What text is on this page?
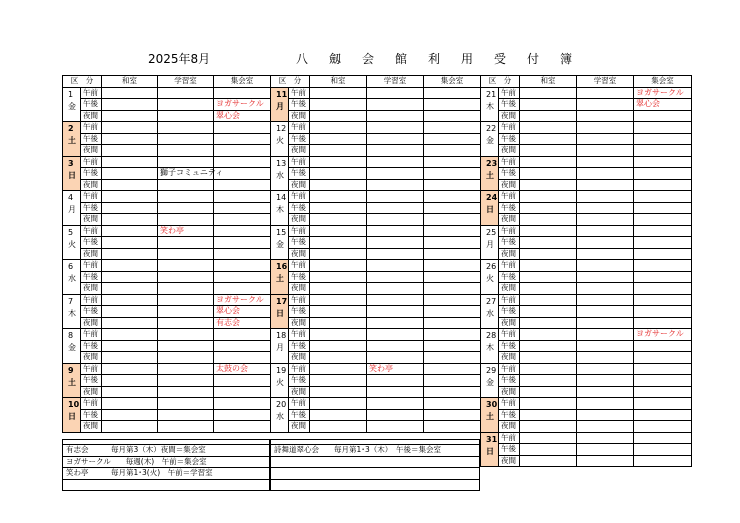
2025年8月	八劔会館利用受付簿
区　分		和室	学習室	集会室

1
金	午前			
	午後			ヨガサークル
	夜間			翠心会

2
土	午前			
	午後			
	夜間			

3
日	午前			
	午後		獅子コミュニティ	
	夜間			

4
月	午前			
	午後			
	夜間			

5
火	午前		笑わ亭	
	午後			
	夜間			

6
水	午前			
	午後			
	夜間			

7
木	午前			ヨガサークル
	午後			翠心会
	夜間			有志会

8
金	午前			
	午後			
	夜間			

9
土	午前			太鼓の会
	午後			
	夜間			

10
日	午前			
	午後			
	夜間			
区　分		和室	学習室	集会室

11
月	午前			
	午後			
	夜間			

12
火	午前			
	午後			
	夜間			

13
水	午前			
	午後			
	夜間			

14
木	午前			
	午後			
	夜間			

15
金	午前			
	午後			
	夜間			

16
土	午前			
	午後			
	夜間			

17
日	午前			
	午後			
	夜間			

18
月	午前			
	午後			
	夜間			

19
火	午前		笑わ亭	
	午後			
	夜間			

20
水	午前			
	午後			
	夜間			
区　分		和室	学習室	集会室

21
木	午前			ヨガサークル
	午後			翠心会
	夜間			

22
金	午前			
	午後			
	夜間			

23
土	午前			
	午後			
	夜間			

24
日	午前			
	午後			
	夜間			

25
月	午前			
	午後			
	夜間			

26
火	午前			
	午後			
	夜間			

27
水	午前			
	午後			
	夜間			

28
木	午前			ヨガサークル
	午後			
	夜間			

29
金	午前			
	午後			
	夜間			

30
土	午前			
	午後			
	夜間			

31
日	午前			
	午後			
	夜間			

有志会　　　毎月第3（木）夜間＝集会室
ヨガサークル　　毎週(木)　午前＝集会室
笑わ亭　　　毎月第1･3(火)　午前＝学習室

詩舞道翠心会　　毎月第1･3（木）　午後＝集会室
